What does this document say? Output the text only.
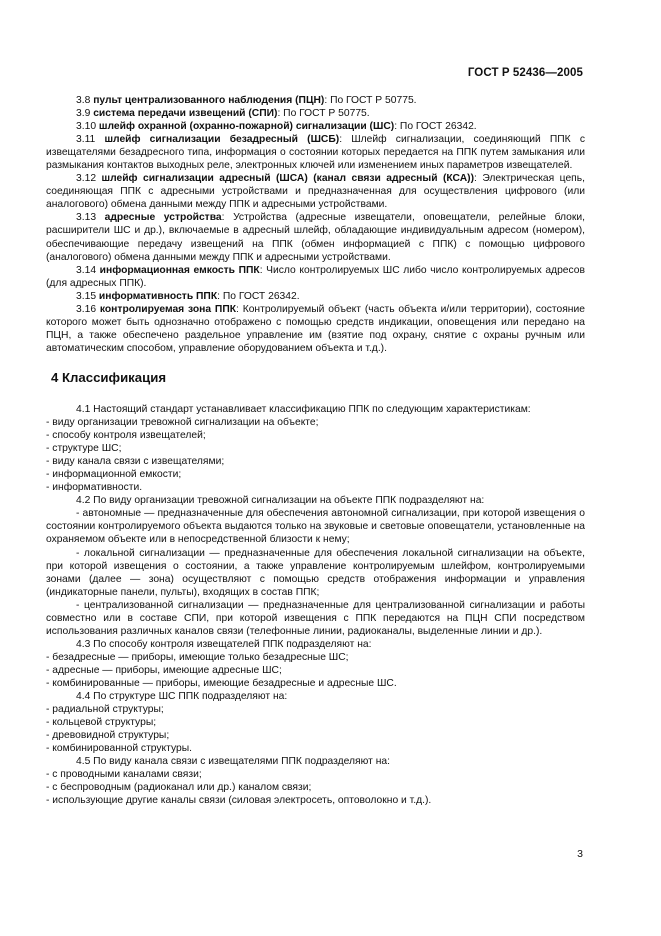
ГОСТ Р 52436—2005

3.8 пульт централизованного наблюдения (ПЦН): По ГОСТ Р 50775.

3.9 система передачи извещений (СПИ): По ГОСТ Р 50775.

3.10 шлейф охранной (охранно-пожарной) сигнализации (ШС): По ГОСТ 26342.

3.11 шлейф сигнализации безадресный (ШСБ): Шлейф сигнализации, соединяющий ППК с извещателями безадресного типа, информация о состоянии которых передается на ППК путем замыкания или размыкания контактов выходных реле, электронных ключей или изменением иных параметров извещателей.

3.12 шлейф сигнализации адресный (ШСА) (канал связи адресный (КСА)): Электрическая цепь, соединяющая ППК с адресными устройствами и предназначенная для осуществления цифрового (или аналогового) обмена данными между ППК и адресными устройствами.

3.13 адресные устройства: Устройства (адресные извещатели, оповещатели, релейные блоки, расширители ШС и др.), включаемые в адресный шлейф, обладающие индивидуальным адресом (номером), обеспечивающие передачу извещений на ППК (обмен информацией с ППК) с помощью цифрового (аналогового) обмена данными между ППК и адресными устройствами.

3.14 информационная емкость ППК: Число контролируемых ШС либо число контролируемых адресов (для адресных ППК).

3.15 информативность ППК: По ГОСТ 26342.

3.16 контролируемая зона ППК: Контролируемый объект (часть объекта и/или территории), состояние которого может быть однозначно отображено с помощью средств индикации, оповещения или передано на ПЦН, а также обеспечено раздельное управление им (взятие под охрану, снятие с охраны ручным или автоматическим способом, управление оборудованием объекта и т.д.).

4 Классификация

4.1 Настоящий стандарт устанавливает классификацию ППК по следующим характеристикам:

- виду организации тревожной сигнализации на объекте;

- способу контроля извещателей;

- структуре ШС;

- виду канала связи с извещателями;

- информационной емкости;

- информативности.

4.2 По виду организации тревожной сигнализации на объекте ППК подразделяют на:

- автономные — предназначенные для обеспечения автономной сигнализации, при которой извещения о состоянии контролируемого объекта выдаются только на звуковые и световые оповещатели, установленные на охраняемом объекте или в непосредственной близости к нему;

- локальной сигнализации — предназначенные для обеспечения локальной сигнализации на объекте, при которой извещения о состоянии, а также управление контролируемым шлейфом, контролируемыми зонами (далее — зона) осуществляют с помощью средств отображения информации и управления (индикаторные панели, пульты), входящих в состав ППК;

- централизованной сигнализации — предназначенные для централизованной сигнализации и работы совместно или в составе СПИ, при которой извещения с ППК передаются на ПЦН СПИ посредством использования различных каналов связи (телефонные линии, радиоканалы, выделенные линии и др.).

4.3 По способу контроля извещателей ППК подразделяют на:

- безадресные — приборы, имеющие только безадресные ШС;

- адресные — приборы, имеющие адресные ШС;

- комбинированные — приборы, имеющие безадресные и адресные ШС.

4.4 По структуре ШС ППК подразделяют на:

- радиальной структуры;

- кольцевой структуры;

- древовидной структуры;

- комбинированной структуры.

4.5 По виду канала связи с извещателями ППК подразделяют на:

- с проводными каналами связи;

- с беспроводным (радиоканал или др.) каналом связи;

- использующие другие каналы связи (силовая электросеть, оптоволокно и т.д.).

3
